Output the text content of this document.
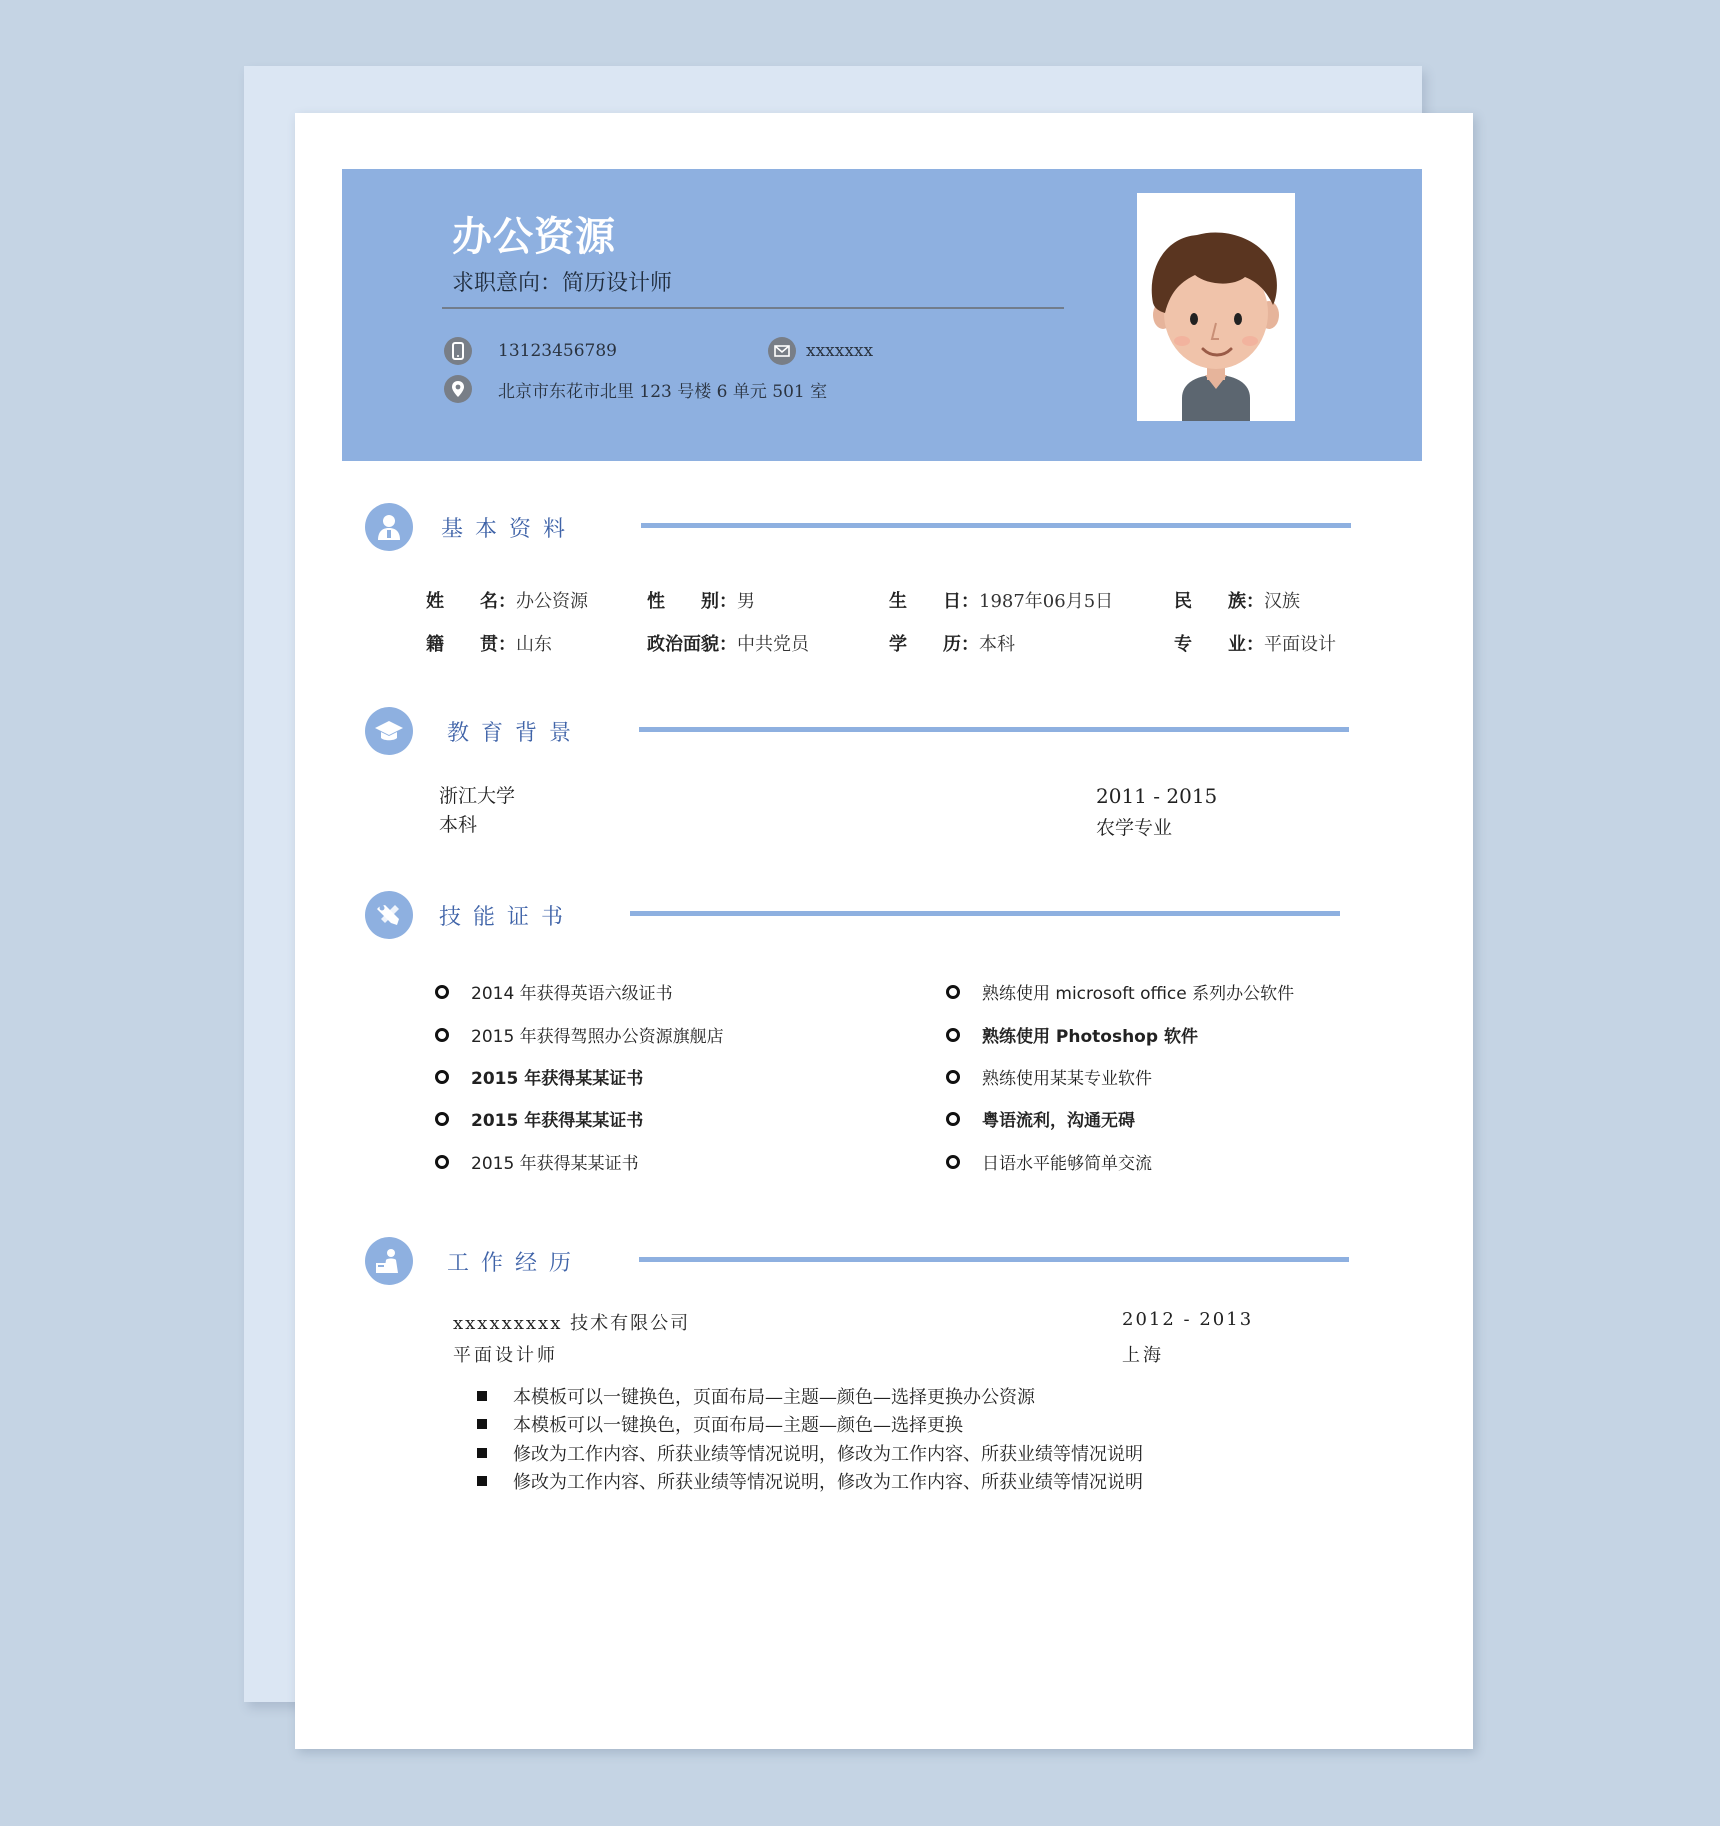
办公资源
求职意向：简历设计师
13123456789	xxxxxxx
北京市东花市北里 123 号楼 6 单元 501 室
基本资料
姓　　名：办公资源	性　　别：男	生　　日：1987年06月5日	民　　族：汉族
籍　　贯：山东	政治面貌：中共党员	学　　历：本科	专　　业：平面设计
教育背景
浙江大学
本科
2011 - 2015
农学专业
技能证书
2014 年获得英语六级证书
2015 年获得驾照办公资源旗舰店
2015 年获得某某证书
2015 年获得某某证书
2015 年获得某某证书
熟练使用 microsoft office 系列办公软件
熟练使用 Photoshop 软件
熟练使用某某专业软件
粤语流利，沟通无碍
日语水平能够简单交流
工作经历
xxxxxxxxx 技术有限公司
平面设计师
2012 - 2013
上海
本模板可以一键换色，页面布局—主题—颜色—选择更换办公资源
本模板可以一键换色，页面布局—主题—颜色—选择更换
修改为工作内容、所获业绩等情况说明，修改为工作内容、所获业绩等情况说明
修改为工作内容、所获业绩等情况说明，修改为工作内容、所获业绩等情况说明
